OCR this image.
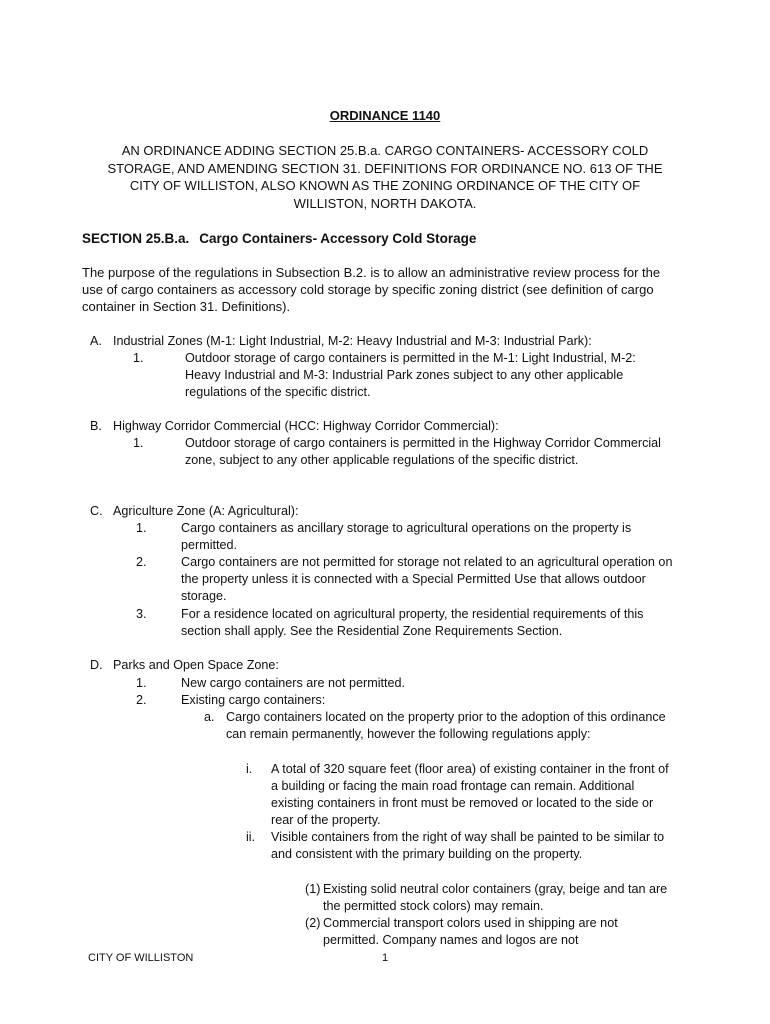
ORDINANCE 1140
AN ORDINANCE ADDING SECTION 25.B.a. CARGO CONTAINERS- ACCESSORY COLD STORAGE, AND AMENDING SECTION 31. DEFINITIONS FOR ORDINANCE NO. 613 OF THE CITY OF WILLISTON, ALSO KNOWN AS THE ZONING ORDINANCE OF THE CITY OF WILLISTON, NORTH DAKOTA.
SECTION 25.B.a. Cargo Containers- Accessory Cold Storage
The purpose of the regulations in Subsection B.2. is to allow an administrative review process for the use of cargo containers as accessory cold storage by specific zoning district (see definition of cargo container in Section 31. Definitions).
A. Industrial Zones (M-1: Light Industrial, M-2: Heavy Industrial and M-3: Industrial Park):
1.	Outdoor storage of cargo containers is permitted in the M-1: Light Industrial, M-2: Heavy Industrial and M-3: Industrial Park zones subject to any other applicable regulations of the specific district.
B. Highway Corridor Commercial (HCC: Highway Corridor Commercial):
1.	Outdoor storage of cargo containers is permitted in the Highway Corridor Commercial zone, subject to any other applicable regulations of the specific district.
C. Agriculture Zone (A: Agricultural):
1.	Cargo containers as ancillary storage to agricultural operations on the property is permitted.
2.	Cargo containers are not permitted for storage not related to an agricultural operation on the property unless it is connected with a Special Permitted Use that allows outdoor storage.
3.	For a residence located on agricultural property, the residential requirements of this section shall apply. See the Residential Zone Requirements Section.
D. Parks and Open Space Zone:
1.	New cargo containers are not permitted.
2.	Existing cargo containers:
a. Cargo containers located on the property prior to the adoption of this ordinance can remain permanently, however the following regulations apply:
i.	A total of 320 square feet (floor area) of existing container in the front of a building or facing the main road frontage can remain. Additional existing containers in front must be removed or located to the side or rear of the property.
ii.	Visible containers from the right of way shall be painted to be similar to and consistent with the primary building on the property.
(1) Existing solid neutral color containers (gray, beige and tan are the permitted stock colors) may remain.
(2) Commercial transport colors used in shipping are not permitted. Company names and logos are not
CITY OF WILLISTON	1
